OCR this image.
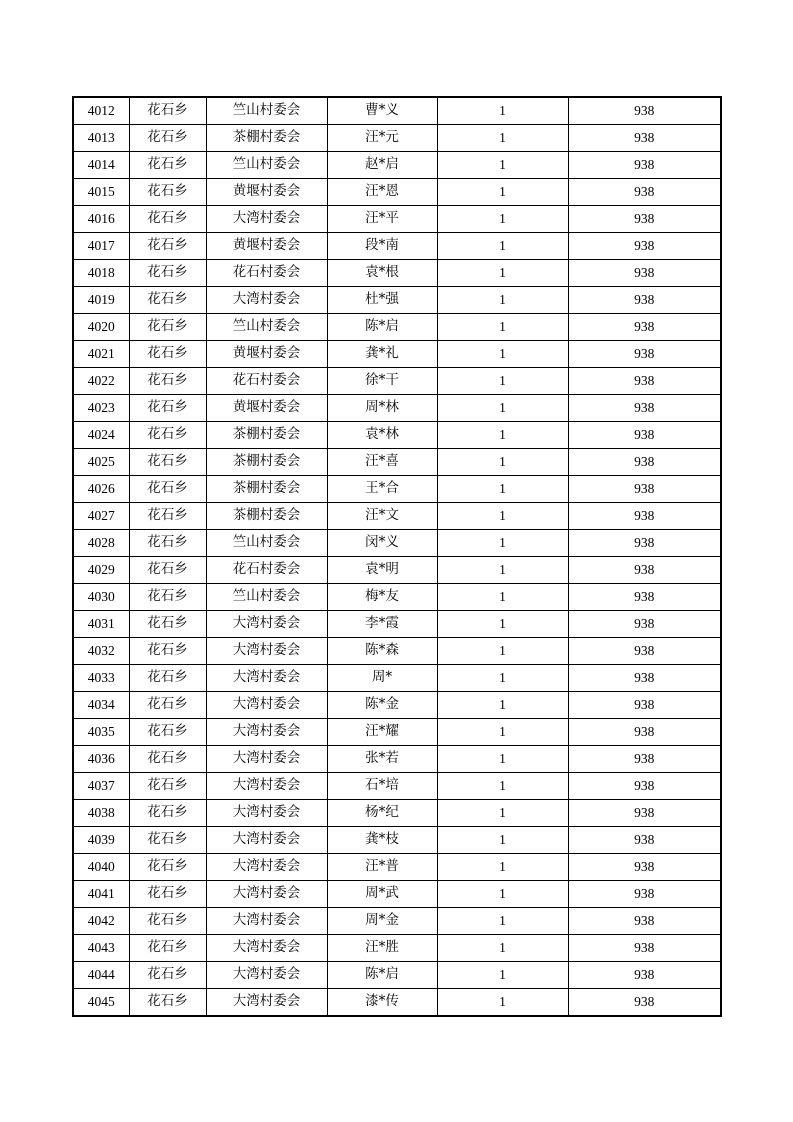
4012	花石乡	竺山村委会	曹*义	1	938
4013	花石乡	茶棚村委会	汪*元	1	938
4014	花石乡	竺山村委会	赵*启	1	938
4015	花石乡	黄堰村委会	汪*恩	1	938
4016	花石乡	大湾村委会	汪*平	1	938
4017	花石乡	黄堰村委会	段*南	1	938
4018	花石乡	花石村委会	袁*根	1	938
4019	花石乡	大湾村委会	杜*强	1	938
4020	花石乡	竺山村委会	陈*启	1	938
4021	花石乡	黄堰村委会	龚*礼	1	938
4022	花石乡	花石村委会	徐*干	1	938
4023	花石乡	黄堰村委会	周*林	1	938
4024	花石乡	茶棚村委会	袁*林	1	938
4025	花石乡	茶棚村委会	汪*喜	1	938
4026	花石乡	茶棚村委会	王*合	1	938
4027	花石乡	茶棚村委会	汪*文	1	938
4028	花石乡	竺山村委会	闵*义	1	938
4029	花石乡	花石村委会	袁*明	1	938
4030	花石乡	竺山村委会	梅*友	1	938
4031	花石乡	大湾村委会	李*霞	1	938
4032	花石乡	大湾村委会	陈*森	1	938
4033	花石乡	大湾村委会	周*	1	938
4034	花石乡	大湾村委会	陈*金	1	938
4035	花石乡	大湾村委会	汪*耀	1	938
4036	花石乡	大湾村委会	张*若	1	938
4037	花石乡	大湾村委会	石*培	1	938
4038	花石乡	大湾村委会	杨*纪	1	938
4039	花石乡	大湾村委会	龚*枝	1	938
4040	花石乡	大湾村委会	汪*普	1	938
4041	花石乡	大湾村委会	周*武	1	938
4042	花石乡	大湾村委会	周*金	1	938
4043	花石乡	大湾村委会	汪*胜	1	938
4044	花石乡	大湾村委会	陈*启	1	938
4045	花石乡	大湾村委会	漆*传	1	938
